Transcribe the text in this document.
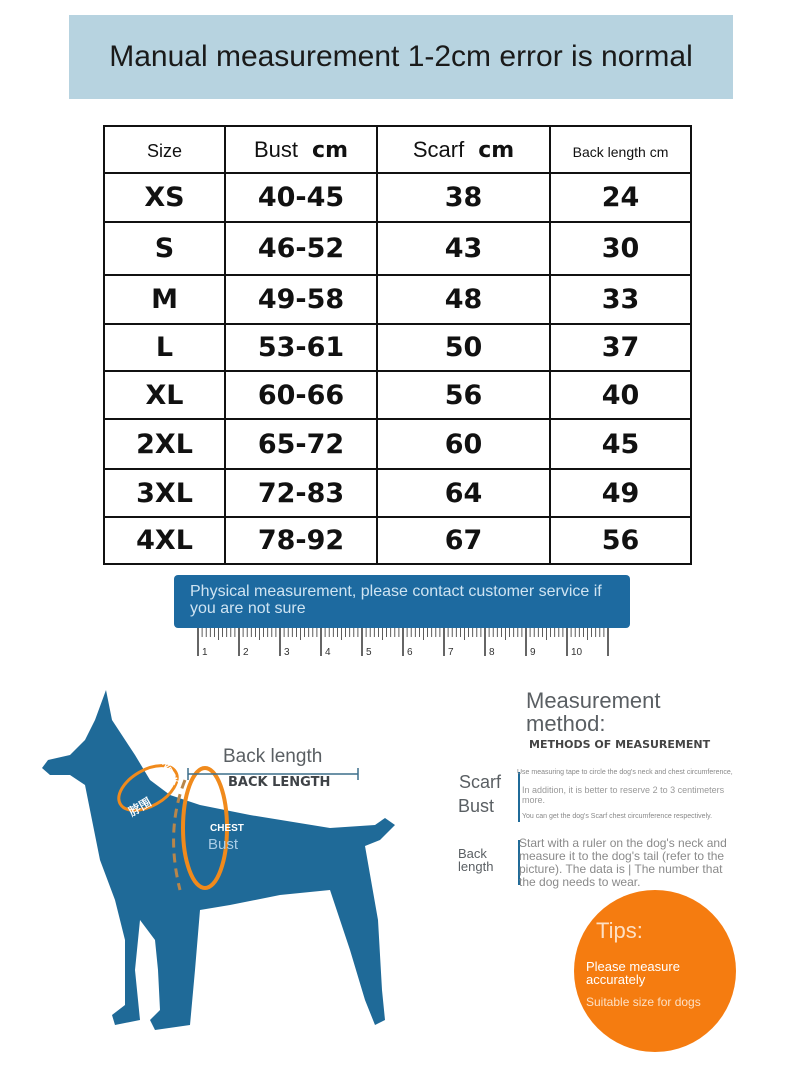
Manual measurement 1-2cm error is normal
Size	Bust cm	Scarf cm	Back length cm
XS	40-45	38	24
S	46-52	43	30
M	49-58	48	33
L	53-61	50	37
XL	60-66	56	40
2XL	65-72	60	45
3XL	72-83	64	49
4XL	78-92	67	56
Physical measurement, please contact customer service if you are not sure
1	2	3	4	5	6	7	8	9	10
Back length
BACK LENGTH
NECK
脖围
CHEST
Bust
Measurement method:
METHODS OF MEASUREMENT
Scarf
Bust
Use measuring tape to circle the dog's neck and chest circumference,
In addition, it is better to reserve 2 to 3 centimeters more.
You can get the dog's Scarf chest circumference respectively.
Back length
Start with a ruler on the dog's neck and measure it to the dog's tail (refer to the picture). The data is | The number that the dog needs to wear.
Tips:
Please measure accurately
Suitable size for dogs
